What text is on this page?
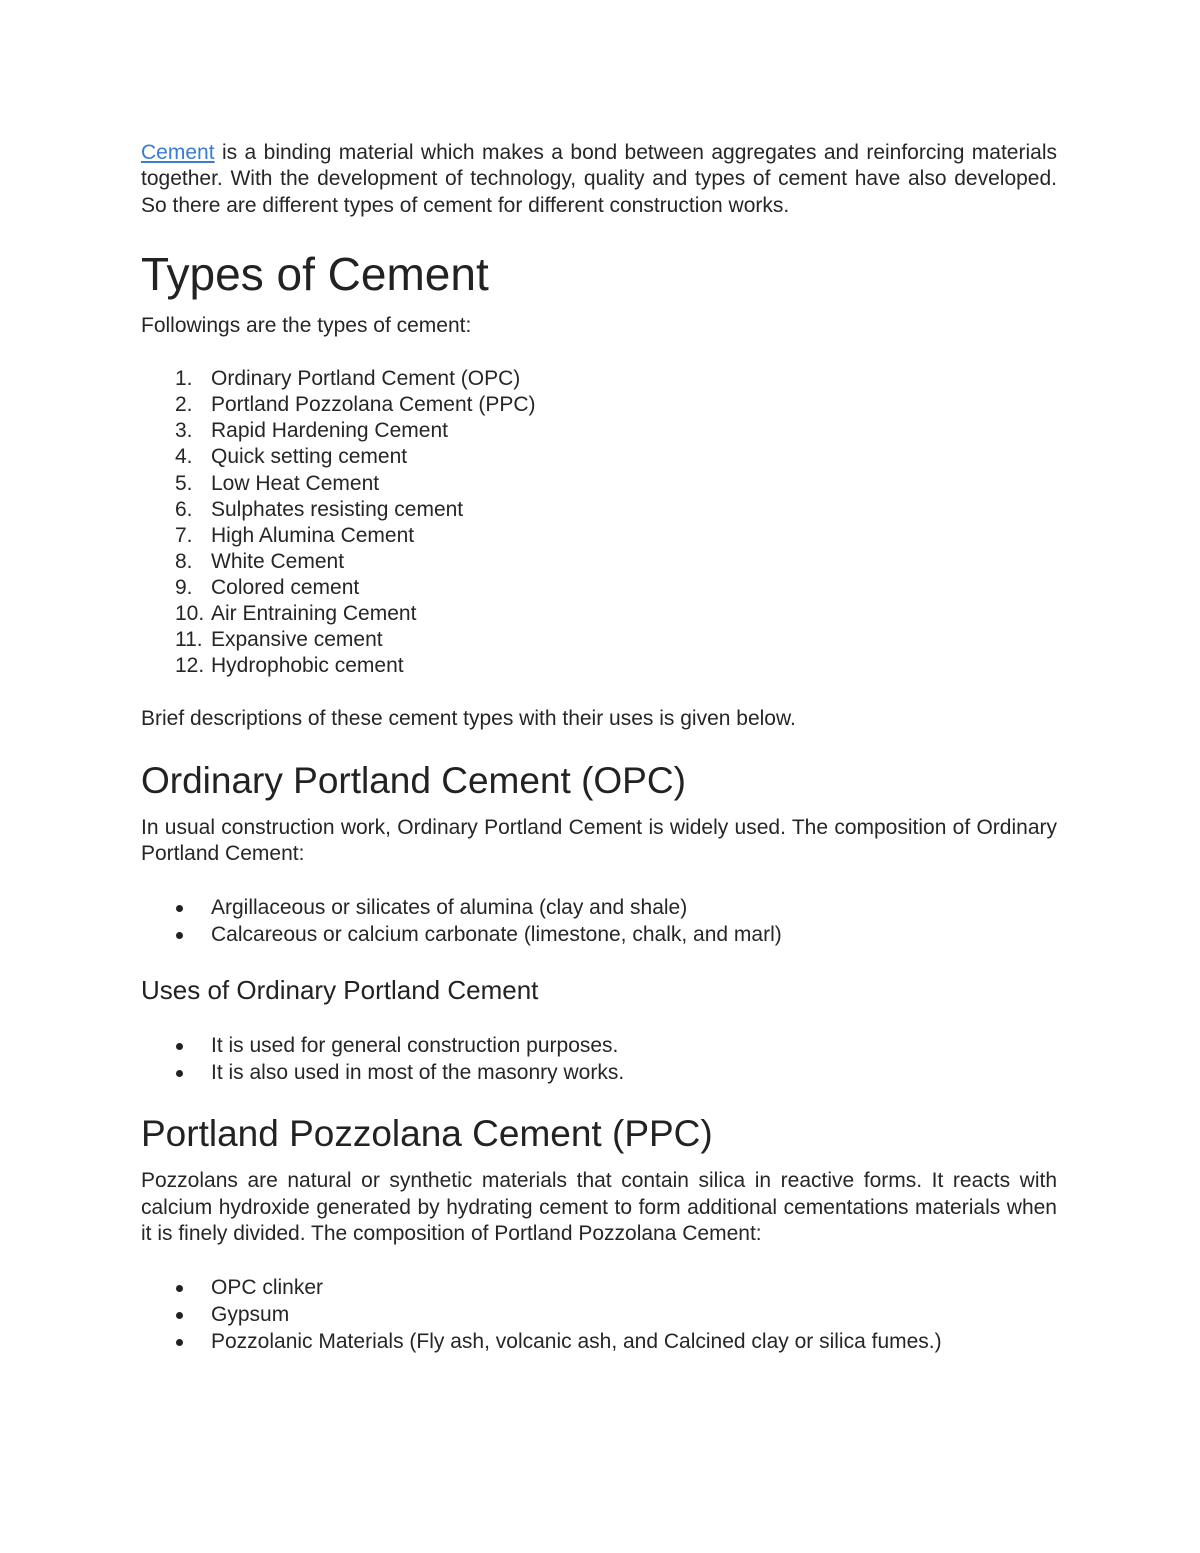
Cement is a binding material which makes a bond between aggregates and reinforcing materials together. With the development of technology, quality and types of cement have also developed. So there are different types of cement for different construction works.

Types of Cement

Followings are the types of cement:

1. Ordinary Portland Cement (OPC)
2. Portland Pozzolana Cement (PPC)
3. Rapid Hardening Cement
4. Quick setting cement
5. Low Heat Cement
6. Sulphates resisting cement
7. High Alumina Cement
8. White Cement
9. Colored cement
10. Air Entraining Cement
11. Expansive cement
12. Hydrophobic cement

Brief descriptions of these cement types with their uses is given below.

Ordinary Portland Cement (OPC)

In usual construction work, Ordinary Portland Cement is widely used. The composition of Ordinary Portland Cement:

Argillaceous or silicates of alumina (clay and shale)
Calcareous or calcium carbonate (limestone, chalk, and marl)
Uses of Ordinary Portland Cement
It is used for general construction purposes.
It is also used in most of the masonry works.
Portland Pozzolana Cement (PPC)

Pozzolans are natural or synthetic materials that contain silica in reactive forms. It reacts with calcium hydroxide generated by hydrating cement to form additional cementations materials when it is finely divided. The composition of Portland Pozzolana Cement:

OPC clinker
Gypsum
Pozzolanic Materials (Fly ash, volcanic ash, and Calcined clay or silica fumes.)
